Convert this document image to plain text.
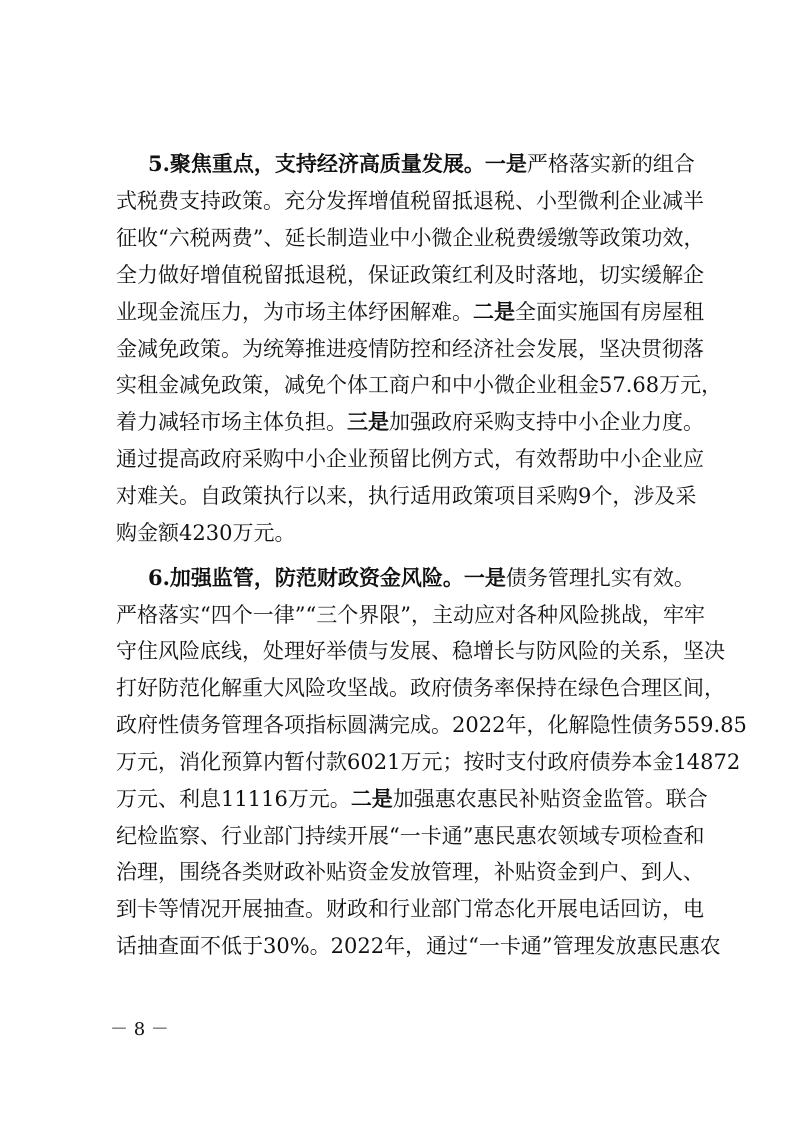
5.聚焦重点，支持经济高质量发展。一是严格落实新的组合
式税费支持政策。充分发挥增值税留抵退税、小型微利企业减半
征收“六税两费”、延长制造业中小微企业税费缓缴等政策功效，
全力做好增值税留抵退税，保证政策红利及时落地，切实缓解企
业现金流压力，为市场主体纾困解难。二是全面实施国有房屋租
金减免政策。为统筹推进疫情防控和经济社会发展，坚决贯彻落
实租金减免政策，减免个体工商户和中小微企业租金57.68万元，
着力减轻市场主体负担。三是加强政府采购支持中小企业力度。
通过提高政府采购中小企业预留比例方式，有效帮助中小企业应
对难关。自政策执行以来，执行适用政策项目采购9个，涉及采
购金额4230万元。
6.加强监管，防范财政资金风险。一是债务管理扎实有效。
严格落实“四个一律”“三个界限”，主动应对各种风险挑战，牢牢
守住风险底线，处理好举债与发展、稳增长与防风险的关系，坚决
打好防范化解重大风险攻坚战。政府债务率保持在绿色合理区间，
政府性债务管理各项指标圆满完成。2022年，化解隐性债务559.85
万元，消化预算内暂付款6021万元；按时支付政府债券本金14872
万元、利息11116万元。二是加强惠农惠民补贴资金监管。联合
纪检监察、行业部门持续开展“一卡通”惠民惠农领域专项检查和
治理，围绕各类财政补贴资金发放管理，补贴资金到户、到人、
到卡等情况开展抽查。财政和行业部门常态化开展电话回访，电
话抽查面不低于30%。2022年，通过“一卡通”管理发放惠民惠农
－ 8 －
